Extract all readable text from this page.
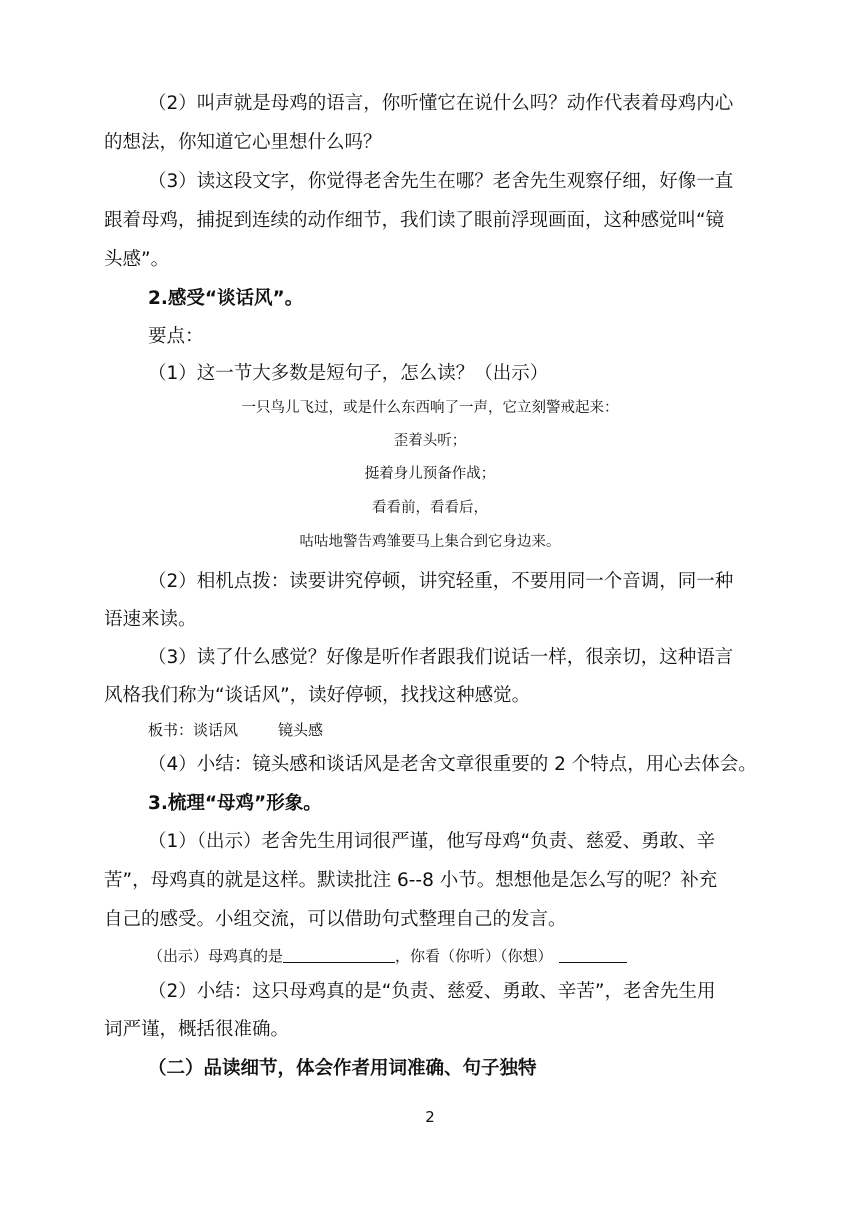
（2）叫声就是母鸡的语言，你听懂它在说什么吗？动作代表着母鸡内心
的想法，你知道它心里想什么吗？
（3）读这段文字，你觉得老舍先生在哪？老舍先生观察仔细，好像一直
跟着母鸡，捕捉到连续的动作细节，我们读了眼前浮现画面，这种感觉叫“镜
头感”。
2.感受“谈话风”。
要点：
（1）这一节大多数是短句子，怎么读？（出示）
一只鸟儿飞过，或是什么东西响了一声，它立刻警戒起来：
歪着头听；
挺着身儿预备作战；
看看前，看看后，
咕咕地警告鸡雏要马上集合到它身边来。
（2）相机点拨：读要讲究停顿，讲究轻重，不要用同一个音调，同一种
语速来读。
（3）读了什么感觉？好像是听作者跟我们说话一样，很亲切，这种语言
风格我们称为“谈话风”，读好停顿，找找这种感觉。
板书：谈话风	镜头感
（4）小结：镜头感和谈话风是老舍文章很重要的 2 个特点，用心去体会。
3.梳理“母鸡”形象。
（1）（出示）老舍先生用词很严谨，他写母鸡“负责、慈爱、勇敢、辛
苦”，母鸡真的就是这样。默读批注 6--8 小节。想想他是怎么写的呢？补充
自己的感受。小组交流，可以借助句式整理自己的发言。
（出示）母鸡真的是	，你看（你听）（你想）
（2）小结：这只母鸡真的是“负责、慈爱、勇敢、辛苦”，老舍先生用
词严谨，概括很准确。
（二）品读细节，体会作者用词准确、句子独特
2
